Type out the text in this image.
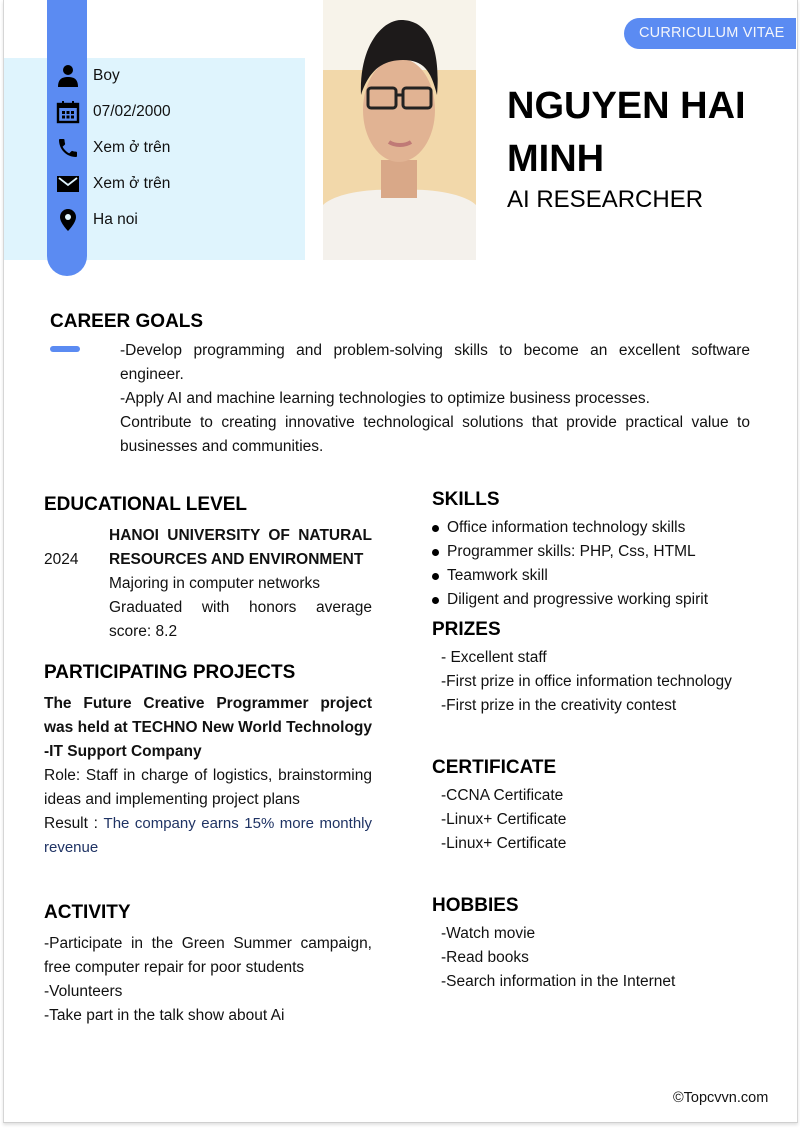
Boy
07/02/2000
Xem ở trên
Xem ở trên
Ha noi
CURRICULUM VITAE
NGUYEN HAI MINH
AI RESEARCHER
CAREER GOALS

-Develop programming and problem-solving skills to become an excellent software engineer.

-Apply AI and machine learning technologies to optimize business processes.

Contribute to creating innovative technological solutions that provide practical value to businesses and communities.

EDUCATIONAL LEVEL
2024

HANOI UNIVERSITY OF NATURAL RESOURCES AND ENVIRONMENT

Majoring in computer networks

Graduated with honors average score: 8.2

PARTICIPATING PROJECTS

The Future Creative Programmer project was held at TECHNO New World Technology -IT Support Company

Role: Staff in charge of logistics, brainstorming ideas and implementing project plans

Result : The company earns 15% more monthly revenue

ACTIVITY

-Participate in the Green Summer campaign, free computer repair for poor students

-Volunteers

-Take part in the talk show about Ai

SKILLS
Office information technology skills
Programmer skills: PHP, Css, HTML
Teamwork skill
Diligent and progressive working spirit
PRIZES
- Excellent staff
-First prize in office information technology
-First prize in the creativity contest
CERTIFICATE
-CCNA Certificate
-Linux+ Certificate
-Linux+ Certificate
HOBBIES
-Watch movie
-Read books
-Search information in the Internet
©Topcvvn.com
